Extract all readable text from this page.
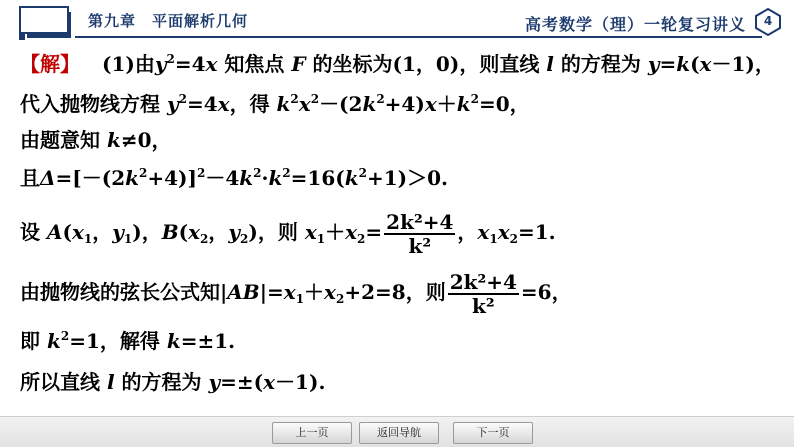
第九章　平面解析几何	高考数学（理）一轮复习讲义	4
【解】 (1)由$y^2=4x$ 知焦点 F 的坐标为(1，0)，则直线 l 的方程为 y=k(x－1)，
代入抛物线方程 $y^2=4x$，得 $k^2x^2-(2k^2+4)x+k^2=0$，
由题意知 k≠0，
且$\Delta=[-(2k^2+4)]^2-4k^2\cdot k^2=16(k^2+1)>0$.
设 $A(x_1$，$y_1$)，$B(x_2$，$y_2$)，则 $x_1+x_2= \frac{\text{2k²+4}}{\text{k²}}$ ，$x_1x_2=1$.
由抛物线的弦长公式知$|AB|=x_1+x_2+2=8$，则 $\frac{\text{2k²+4}}{\text{k²}} =6$，
即 $k^2=1$，解得 k=±1.
所以直线 l 的方程为 y=±(x－1).
上一页	返回导航	下一页
